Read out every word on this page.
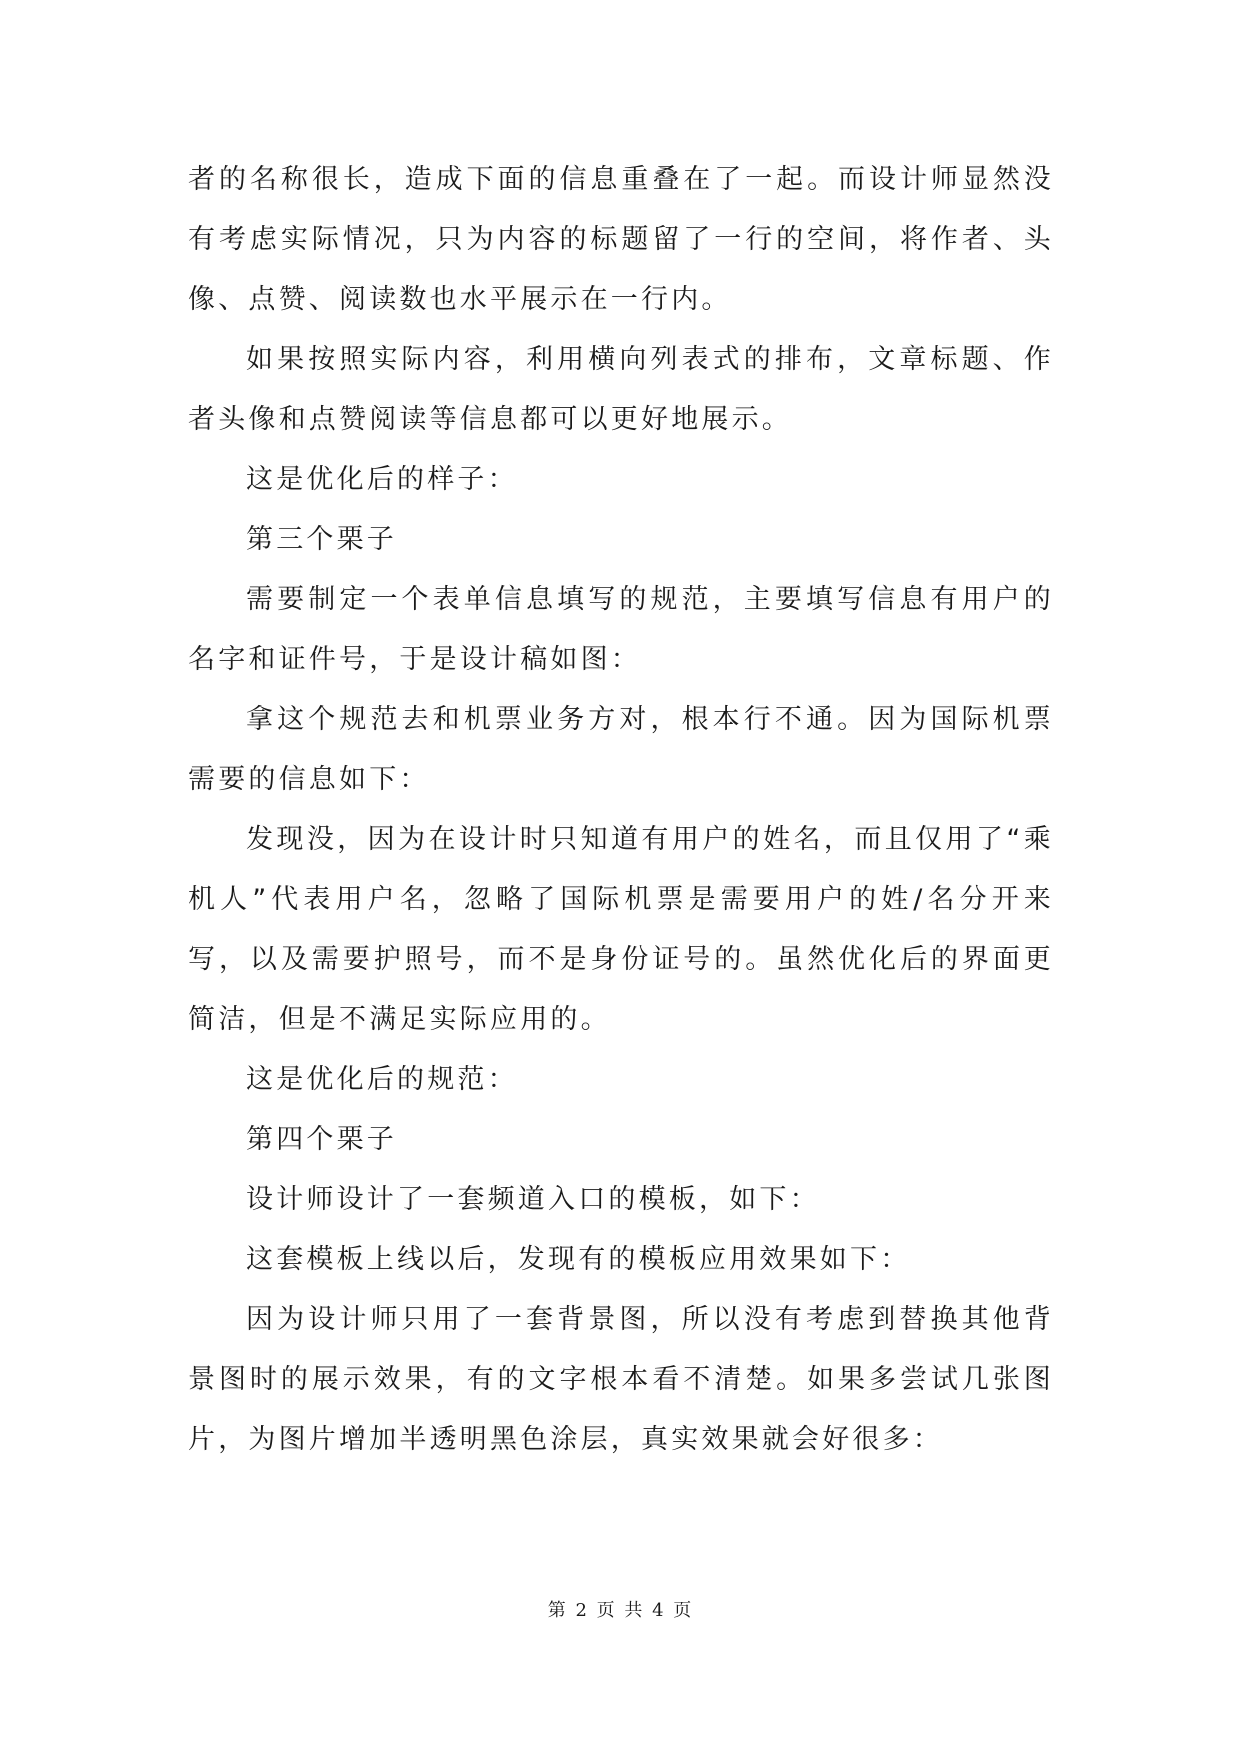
者的名称很长，造成下面的信息重叠在了一起。而设计师显然没有考虑实际情况，只为内容的标题留了一行的空间，将作者、头像、点赞、阅读数也水平展示在一行内。

如果按照实际内容，利用横向列表式的排布，文章标题、作者头像和点赞阅读等信息都可以更好地展示。

这是优化后的样子：

第三个栗子

需要制定一个表单信息填写的规范，主要填写信息有用户的名字和证件号，于是设计稿如图：

拿这个规范去和机票业务方对，根本行不通。因为国际机票需要的信息如下：

发现没，因为在设计时只知道有用户的姓名，而且仅用了“乘机人”代表用户名，忽略了国际机票是需要用户的姓/名分开来写，以及需要护照号，而不是身份证号的。虽然优化后的界面更简洁，但是不满足实际应用的。

这是优化后的规范：

第四个栗子

设计师设计了一套频道入口的模板，如下：

这套模板上线以后，发现有的模板应用效果如下：

因为设计师只用了一套背景图，所以没有考虑到替换其他背景图时的展示效果，有的文字根本看不清楚。如果多尝试几张图片，为图片增加半透明黑色涂层，真实效果就会好很多：

第 2 页 共 4 页
